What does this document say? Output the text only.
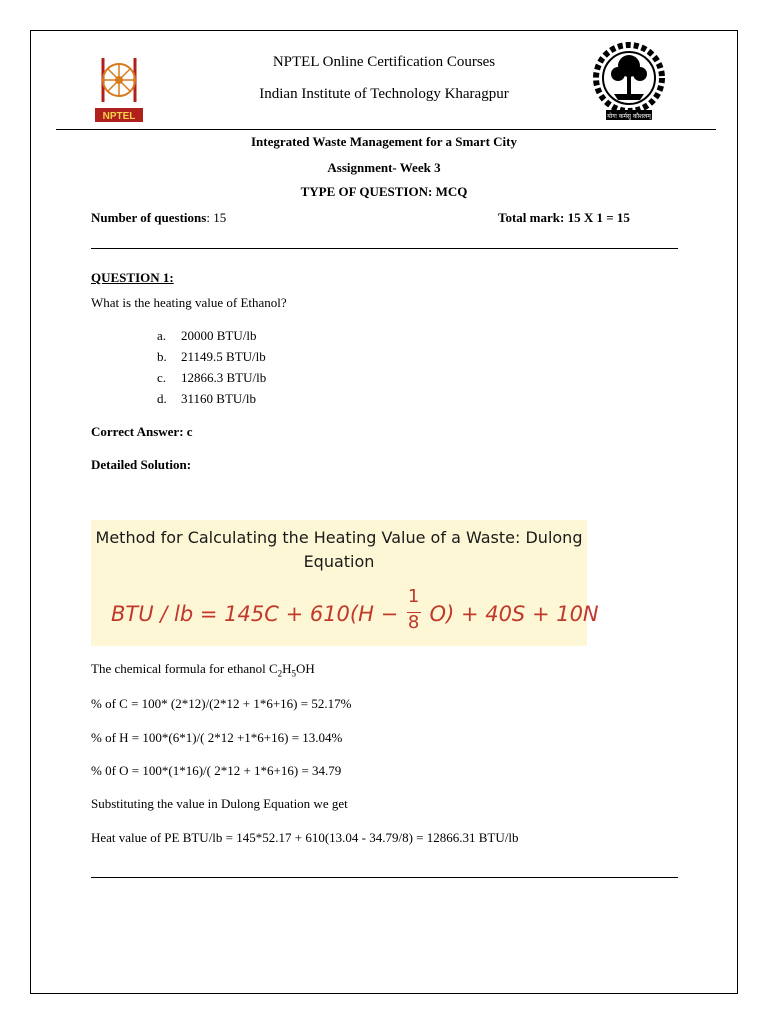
NPTEL	योगः कर्मसु कौशलम्
NPTEL Online Certification Courses
Indian Institute of Technology Kharagpur
Integrated Waste Management for a Smart City
Assignment- Week 3
TYPE OF QUESTION: MCQ
Number of questions: 15	Total mark: 15 X 1 = 15
QUESTION 1:
What is the heating value of Ethanol?
a. 20000 BTU/lb
b. 21149.5 BTU/lb
c. 12866.3 BTU/lb
d. 31160 BTU/lb
Correct Answer: c
Detailed Solution:
Method for Calculating the Heating Value of a Waste: Dulong
Equation
BTU / lb = $145C + 610(H - \frac{1}{8} O) + 40S + 10N$
The chemical formula for ethanol $C_2H_5OH$
% of C = 100* (2*12)/(2*12 + 1*6+16) = 52.17%
% of H = 100*(6*1)/( 2*12 +1*6+16) = 13.04%
% 0f O = 100*(1*16)/( 2*12 + 1*6+16) = 34.79
Substituting the value in Dulong Equation we get
Heat value of PE BTU/lb = 145*52.17 + 610(13.04 - 34.79/8) = 12866.31 BTU/lb
